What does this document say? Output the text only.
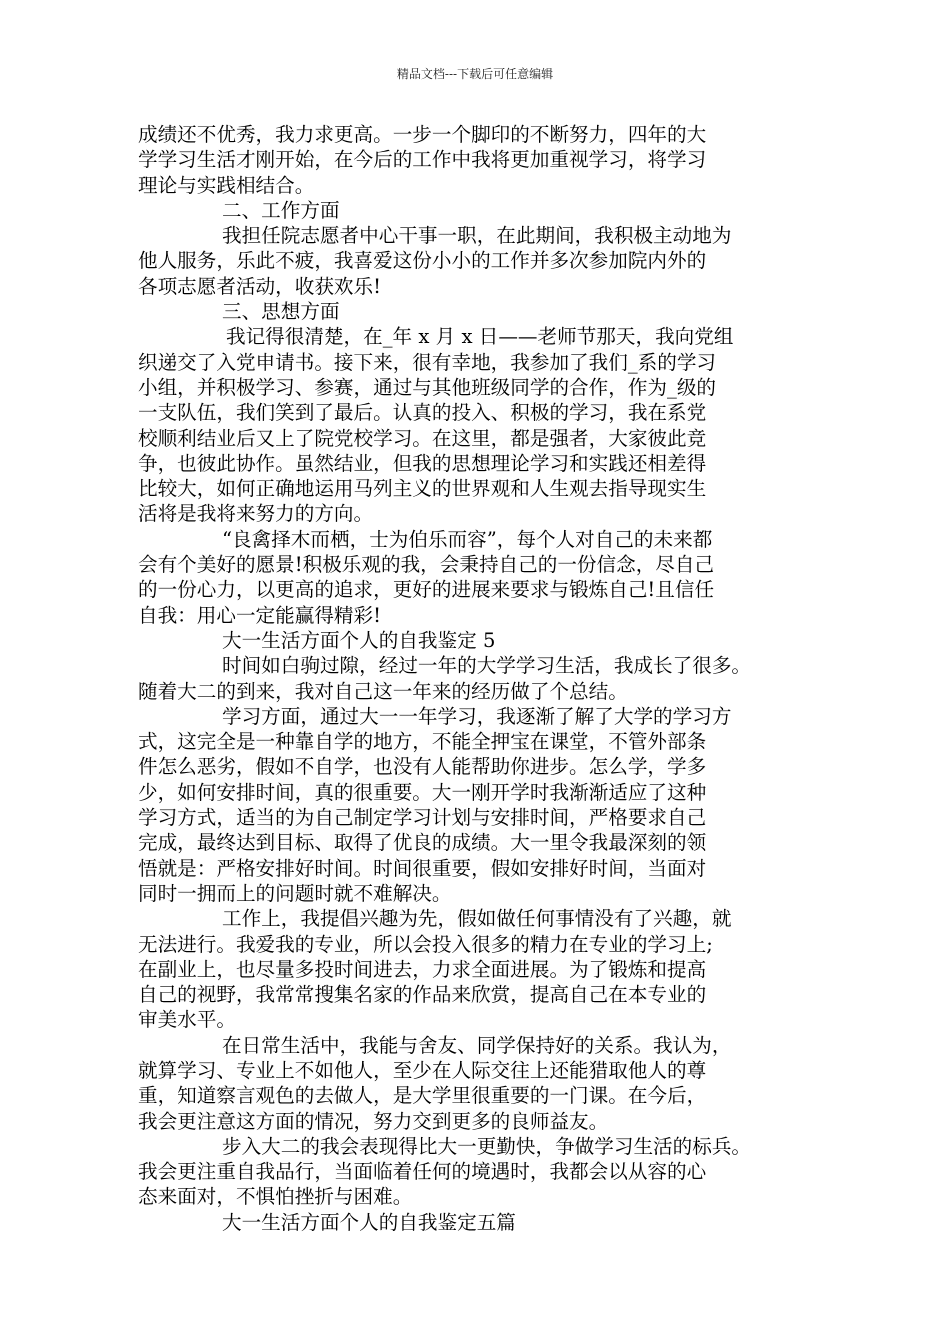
精品文档---下载后可任意编辑
成绩还不优秀，我力求更高。一步一个脚印的不断努力，四年的大
学学习生活才刚开始，在今后的工作中我将更加重视学习，将学习
理论与实践相结合。
二、工作方面
我担任院志愿者中心干事一职，在此期间，我积极主动地为
他人服务，乐此不疲，我喜爱这份小小的工作并多次参加院内外的
各项志愿者活动，收获欢乐!
三、思想方面
我记得很清楚，在_年 x 月 x 日——老师节那天，我向党组
织递交了入党申请书。接下来，很有幸地，我参加了我们_系的学习
小组，并积极学习、参赛，通过与其他班级同学的合作，作为_级的
一支队伍，我们笑到了最后。认真的投入、积极的学习，我在系党
校顺利结业后又上了院党校学习。在这里，都是强者，大家彼此竞
争，也彼此协作。虽然结业，但我的思想理论学习和实践还相差得
比较大，如何正确地运用马列主义的世界观和人生观去指导现实生
活将是我将来努力的方向。
“良禽择木而栖，士为伯乐而容”，每个人对自己的未来都
会有个美好的愿景!积极乐观的我，会秉持自己的一份信念，尽自己
的一份心力，以更高的追求，更好的进展来要求与锻炼自己!且信任
自我：用心一定能赢得精彩!
大一生活方面个人的自我鉴定 5
时间如白驹过隙，经过一年的大学学习生活，我成长了很多。
随着大二的到来，我对自己这一年来的经历做了个总结。
学习方面，通过大一一年学习，我逐渐了解了大学的学习方
式，这完全是一种靠自学的地方，不能全押宝在课堂，不管外部条
件怎么恶劣，假如不自学，也没有人能帮助你进步。怎么学，学多
少，如何安排时间，真的很重要。大一刚开学时我渐渐适应了这种
学习方式，适当的为自己制定学习计划与安排时间，严格要求自己
完成，最终达到目标、取得了优良的成绩。大一里令我最深刻的领
悟就是：严格安排好时间。时间很重要，假如安排好时间，当面对
同时一拥而上的问题时就不难解决。
工作上，我提倡兴趣为先，假如做任何事情没有了兴趣，就
无法进行。我爱我的专业，所以会投入很多的精力在专业的学习上;
在副业上，也尽量多投时间进去，力求全面进展。为了锻炼和提高
自己的视野，我常常搜集名家的作品来欣赏，提高自己在本专业的
审美水平。
在日常生活中，我能与舍友、同学保持好的关系。我认为，
就算学习、专业上不如他人，至少在人际交往上还能猎取他人的尊
重，知道察言观色的去做人，是大学里很重要的一门课。在今后，
我会更注意这方面的情况，努力交到更多的良师益友。
步入大二的我会表现得比大一更勤快，争做学习生活的标兵。
我会更注重自我品行，当面临着任何的境遇时，我都会以从容的心
态来面对，不惧怕挫折与困难。
大一生活方面个人的自我鉴定五篇
